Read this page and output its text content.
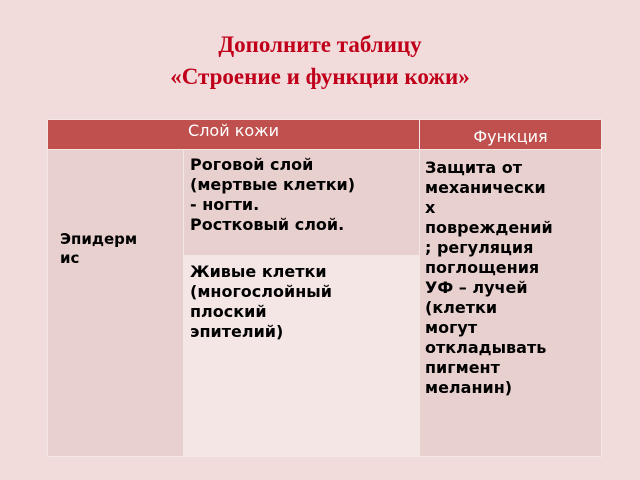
Дополните таблицу
«Строение и функции кожи»
Слой кожи	Функция
Эпидерм
ис
Роговой слой
(мертвые клетки)
- ногти.
Ростковый слой.
Живые клетки
(многослойный
плоский
эпителий)
Защита от
механически
х
повреждений
; регуляция
поглощения
УФ – лучей
(клетки
могут
откладывать
пигмент
меланин)
